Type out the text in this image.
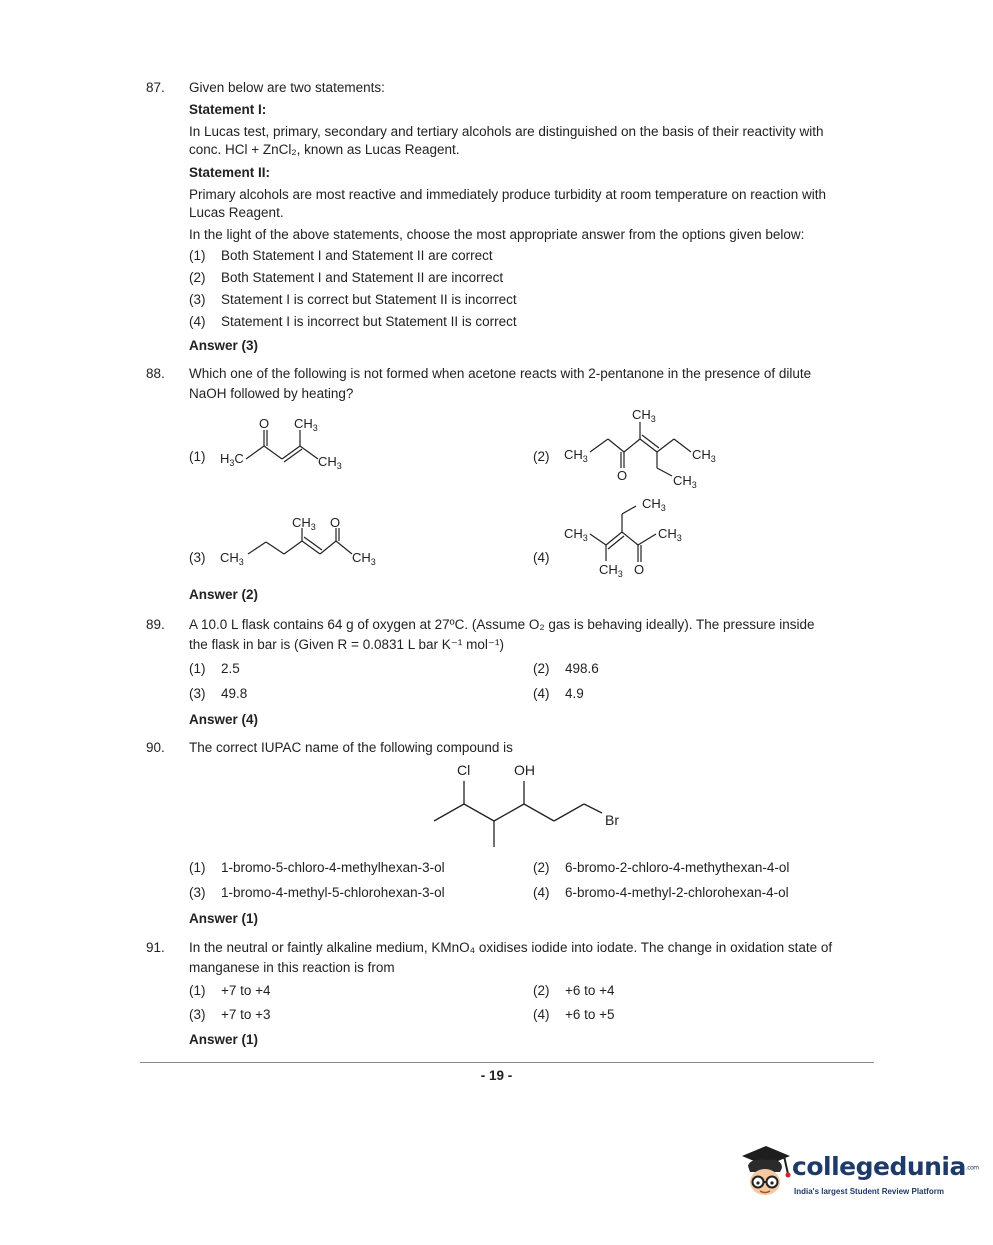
87. Given below are two statements:
Statement I:
In Lucas test, primary, secondary and tertiary alcohols are distinguished on the basis of their reactivity with
conc. HCl + ZnCl₂, known as Lucas Reagent.
Statement II:
Primary alcohols are most reactive and immediately produce turbidity at room temperature on reaction with
Lucas Reagent.
In the light of the above statements, choose the most appropriate answer from the options given below:
(1) Both Statement I and Statement II are correct
(2) Both Statement I and Statement II are incorrect
(3) Statement I is correct but Statement II is incorrect
(4) Statement I is incorrect but Statement II is correct
Answer (3)
88. Which one of the following is not formed when acetone reacts with 2-pentanone in the presence of dilute
NaOH followed by heating?
(1)	(2)
(3)	(4)
$H_3C$
O $CH_3$
$CH_3$
$CH_3$
$CH_3$
O
$CH_3$
$CH_3$
$CH_3$
$CH_3$ O
$CH_3$
$CH_3$
$CH_3$	$CH_3$
$CH_3$ O
Answer (2)
89. A 10.0 L flask contains 64 g of oxygen at 27ºC. (Assume O₂ gas is behaving ideally). The pressure inside
the flask in bar is (Given R = 0.0831 L bar K⁻¹ mol⁻¹)
(1) 2.5	(2) 498.6
(3) 49.8	(4) 4.9
Answer (4)
90. The correct IUPAC name of the following compound is
Cl	OH
Br
(1) 1-bromo-5-chloro-4-methylhexan-3-ol	(2) 6-bromo-2-chloro-4-methythexan-4-ol
(3) 1-bromo-4-methyl-5-chlorohexan-3-ol	(4) 6-bromo-4-methyl-2-chlorohexan-4-ol
Answer (1)
91. In the neutral or faintly alkaline medium, KMnO₄ oxidises iodide into iodate. The change in oxidation state of
manganese in this reaction is from
(1) +7 to +4	(2) +6 to +4
(3) +7 to +3	(4) +6 to +5
Answer (1)
- 19 -
collegedunia.com
India's largest Student Review Platform
